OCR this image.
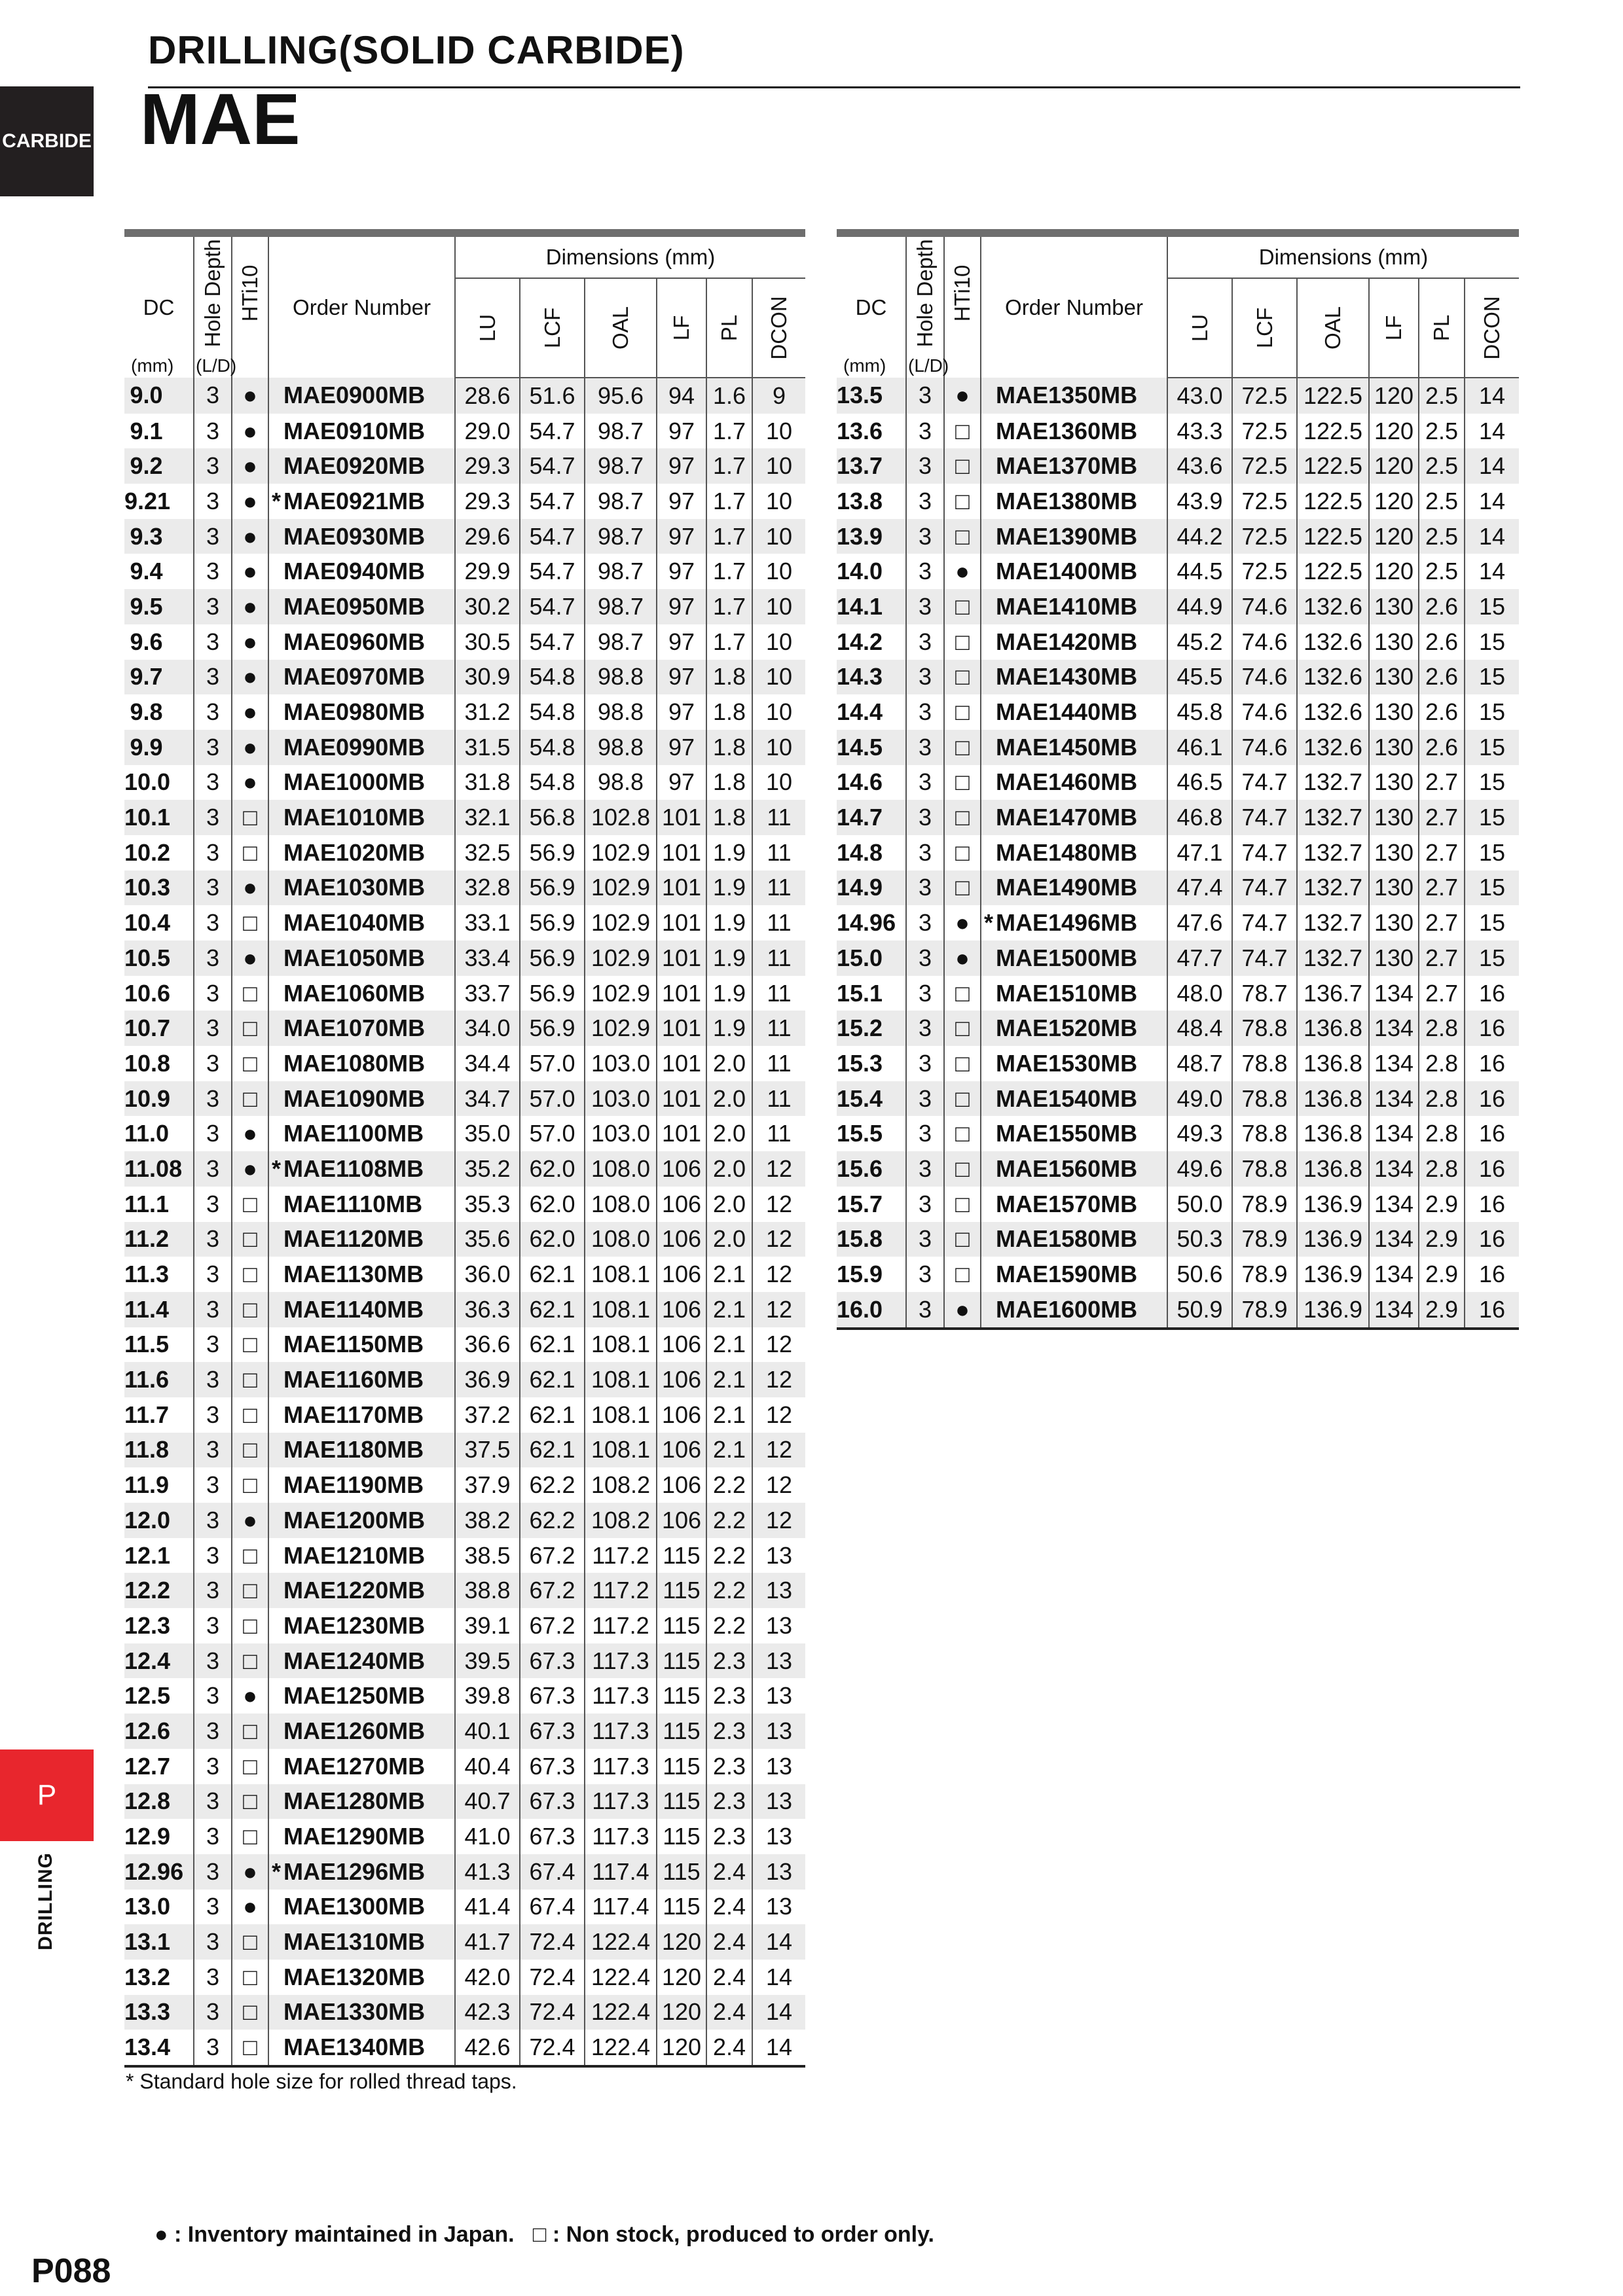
DRILLING(SOLID CARBIDE)
MAE
CARBIDE
P
DRILLING
DC
(mm)	Hole Depth
(L/D)	HTi10	Order Number	Dimensions (mm)					

				LU	LCF	OAL	LF	PL	DCON

9.0	3	●	MAE0900MB	28.6	51.6	95.6	94	1.6	9
9.1	3	●	MAE0910MB	29.0	54.7	98.7	97	1.7	10
9.2	3	●	MAE0920MB	29.3	54.7	98.7	97	1.7	10
9.21	3	●	* MAE0921MB	29.3	54.7	98.7	97	1.7	10
9.3	3	●	MAE0930MB	29.6	54.7	98.7	97	1.7	10
9.4	3	●	MAE0940MB	29.9	54.7	98.7	97	1.7	10
9.5	3	●	MAE0950MB	30.2	54.7	98.7	97	1.7	10
9.6	3	●	MAE0960MB	30.5	54.7	98.7	97	1.7	10
9.7	3	●	MAE0970MB	30.9	54.8	98.8	97	1.8	10
9.8	3	●	MAE0980MB	31.2	54.8	98.8	97	1.8	10
9.9	3	●	MAE0990MB	31.5	54.8	98.8	97	1.8	10
10.0	3	●	MAE1000MB	31.8	54.8	98.8	97	1.8	10
10.1	3	□	MAE1010MB	32.1	56.8	102.8	101	1.8	11
10.2	3	□	MAE1020MB	32.5	56.9	102.9	101	1.9	11
10.3	3	●	MAE1030MB	32.8	56.9	102.9	101	1.9	11
10.4	3	□	MAE1040MB	33.1	56.9	102.9	101	1.9	11
10.5	3	●	MAE1050MB	33.4	56.9	102.9	101	1.9	11
10.6	3	□	MAE1060MB	33.7	56.9	102.9	101	1.9	11
10.7	3	□	MAE1070MB	34.0	56.9	102.9	101	1.9	11
10.8	3	□	MAE1080MB	34.4	57.0	103.0	101	2.0	11
10.9	3	□	MAE1090MB	34.7	57.0	103.0	101	2.0	11
11.0	3	●	MAE1100MB	35.0	57.0	103.0	101	2.0	11
11.08	3	●	* MAE1108MB	35.2	62.0	108.0	106	2.0	12
11.1	3	□	MAE1110MB	35.3	62.0	108.0	106	2.0	12
11.2	3	□	MAE1120MB	35.6	62.0	108.0	106	2.0	12
11.3	3	□	MAE1130MB	36.0	62.1	108.1	106	2.1	12
11.4	3	□	MAE1140MB	36.3	62.1	108.1	106	2.1	12
11.5	3	□	MAE1150MB	36.6	62.1	108.1	106	2.1	12
11.6	3	□	MAE1160MB	36.9	62.1	108.1	106	2.1	12
11.7	3	□	MAE1170MB	37.2	62.1	108.1	106	2.1	12
11.8	3	□	MAE1180MB	37.5	62.1	108.1	106	2.1	12
11.9	3	□	MAE1190MB	37.9	62.2	108.2	106	2.2	12
12.0	3	●	MAE1200MB	38.2	62.2	108.2	106	2.2	12
12.1	3	□	MAE1210MB	38.5	67.2	117.2	115	2.2	13
12.2	3	□	MAE1220MB	38.8	67.2	117.2	115	2.2	13
12.3	3	□	MAE1230MB	39.1	67.2	117.2	115	2.2	13
12.4	3	□	MAE1240MB	39.5	67.3	117.3	115	2.3	13
12.5	3	●	MAE1250MB	39.8	67.3	117.3	115	2.3	13
12.6	3	□	MAE1260MB	40.1	67.3	117.3	115	2.3	13
12.7	3	□	MAE1270MB	40.4	67.3	117.3	115	2.3	13
12.8	3	□	MAE1280MB	40.7	67.3	117.3	115	2.3	13
12.9	3	□	MAE1290MB	41.0	67.3	117.3	115	2.3	13
12.96	3	●	* MAE1296MB	41.3	67.4	117.4	115	2.4	13
13.0	3	●	MAE1300MB	41.4	67.4	117.4	115	2.4	13
13.1	3	□	MAE1310MB	41.7	72.4	122.4	120	2.4	14
13.2	3	□	MAE1320MB	42.0	72.4	122.4	120	2.4	14
13.3	3	□	MAE1330MB	42.3	72.4	122.4	120	2.4	14
13.4	3	□	MAE1340MB	42.6	72.4	122.4	120	2.4	14
DC
(mm)	Hole Depth
(L/D)	HTi10	Order Number	Dimensions (mm)					

				LU	LCF	OAL	LF	PL	DCON

13.5	3	●	MAE1350MB	43.0	72.5	122.5	120	2.5	14
13.6	3	□	MAE1360MB	43.3	72.5	122.5	120	2.5	14
13.7	3	□	MAE1370MB	43.6	72.5	122.5	120	2.5	14
13.8	3	□	MAE1380MB	43.9	72.5	122.5	120	2.5	14
13.9	3	□	MAE1390MB	44.2	72.5	122.5	120	2.5	14
14.0	3	●	MAE1400MB	44.5	72.5	122.5	120	2.5	14
14.1	3	□	MAE1410MB	44.9	74.6	132.6	130	2.6	15
14.2	3	□	MAE1420MB	45.2	74.6	132.6	130	2.6	15
14.3	3	□	MAE1430MB	45.5	74.6	132.6	130	2.6	15
14.4	3	□	MAE1440MB	45.8	74.6	132.6	130	2.6	15
14.5	3	□	MAE1450MB	46.1	74.6	132.6	130	2.6	15
14.6	3	□	MAE1460MB	46.5	74.7	132.7	130	2.7	15
14.7	3	□	MAE1470MB	46.8	74.7	132.7	130	2.7	15
14.8	3	□	MAE1480MB	47.1	74.7	132.7	130	2.7	15
14.9	3	□	MAE1490MB	47.4	74.7	132.7	130	2.7	15
14.96	3	●	* MAE1496MB	47.6	74.7	132.7	130	2.7	15
15.0	3	●	MAE1500MB	47.7	74.7	132.7	130	2.7	15
15.1	3	□	MAE1510MB	48.0	78.7	136.7	134	2.7	16
15.2	3	□	MAE1520MB	48.4	78.8	136.8	134	2.8	16
15.3	3	□	MAE1530MB	48.7	78.8	136.8	134	2.8	16
15.4	3	□	MAE1540MB	49.0	78.8	136.8	134	2.8	16
15.5	3	□	MAE1550MB	49.3	78.8	136.8	134	2.8	16
15.6	3	□	MAE1560MB	49.6	78.8	136.8	134	2.8	16
15.7	3	□	MAE1570MB	50.0	78.9	136.9	134	2.9	16
15.8	3	□	MAE1580MB	50.3	78.9	136.9	134	2.9	16
15.9	3	□	MAE1590MB	50.6	78.9	136.9	134	2.9	16
16.0	3	●	MAE1600MB	50.9	78.9	136.9	134	2.9	16
* Standard hole size for rolled thread taps.
● : Inventory maintained in Japan. □ : Non stock, produced to order only.
P088
